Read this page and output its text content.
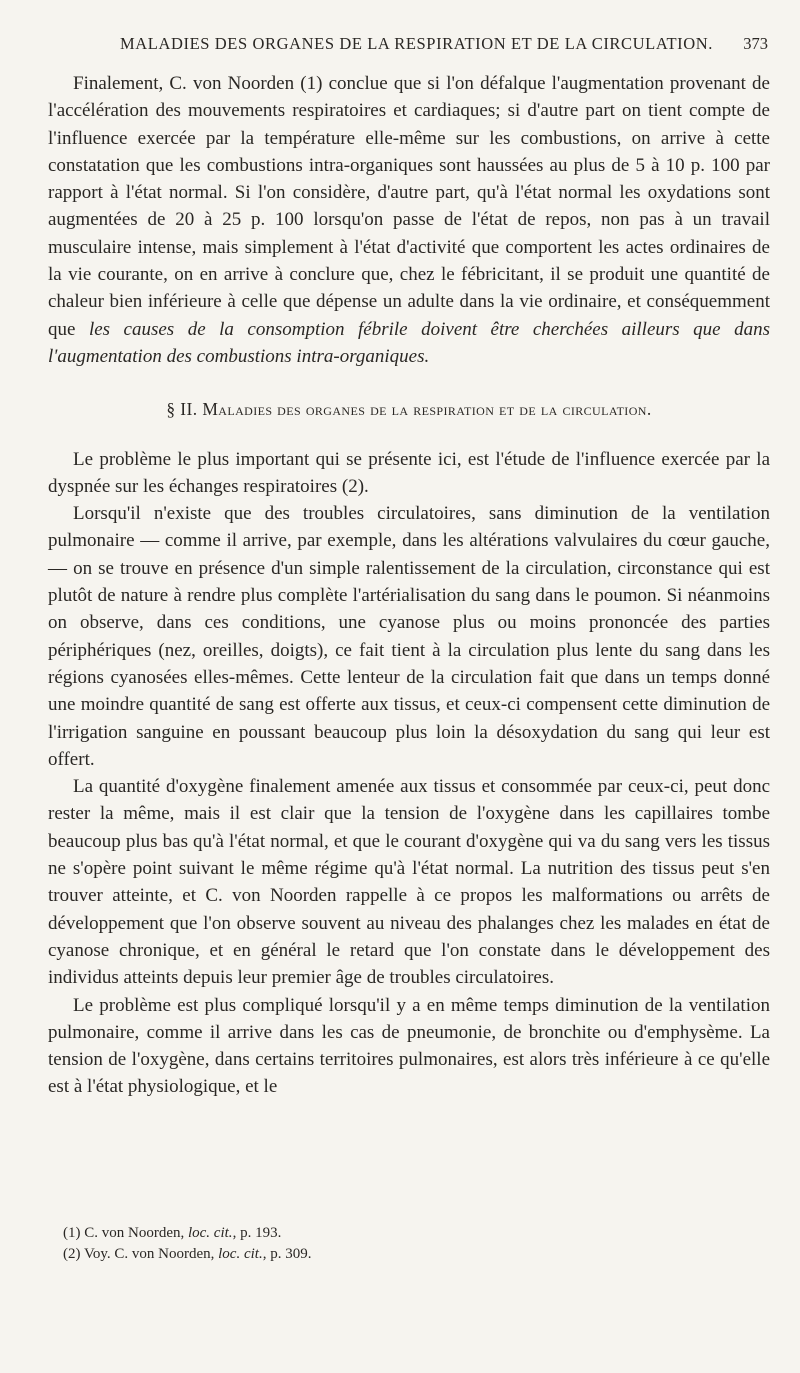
MALADIES DES ORGANES DE LA RESPIRATION ET DE LA CIRCULATION. 373

Finalement, C. von Noorden (1) conclue que si l'on défalque l'augmentation provenant de l'accélération des mouvements respiratoires et cardiaques; si d'autre part on tient compte de l'influence exercée par la température elle-même sur les combustions, on arrive à cette constatation que les combustions intra-organiques sont haussées au plus de 5 à 10 p. 100 par rapport à l'état normal. Si l'on considère, d'autre part, qu'à l'état normal les oxydations sont augmentées de 20 à 25 p. 100 lorsqu'on passe de l'état de repos, non pas à un travail musculaire intense, mais simplement à l'état d'activité que comportent les actes ordinaires de la vie courante, on en arrive à conclure que, chez le fébricitant, il se produit une quantité de chaleur bien inférieure à celle que dépense un adulte dans la vie ordinaire, et conséquemment que les causes de la consomption fébrile doivent être cherchées ailleurs que dans l'augmentation des combustions intra-organiques.

§ II. Maladies des organes de la respiration et de la circulation.

Le problème le plus important qui se présente ici, est l'étude de l'influence exercée par la dyspnée sur les échanges respiratoires (2).

Lorsqu'il n'existe que des troubles circulatoires, sans diminution de la ventilation pulmonaire — comme il arrive, par exemple, dans les altérations valvulaires du cœur gauche, — on se trouve en présence d'un simple ralentissement de la circulation, circonstance qui est plutôt de nature à rendre plus complète l'artérialisation du sang dans le poumon. Si néanmoins on observe, dans ces conditions, une cyanose plus ou moins prononcée des parties périphériques (nez, oreilles, doigts), ce fait tient à la circulation plus lente du sang dans les régions cyanosées elles-mêmes. Cette lenteur de la circulation fait que dans un temps donné une moindre quantité de sang est offerte aux tissus, et ceux-ci compensent cette diminution de l'irrigation sanguine en poussant beaucoup plus loin la désoxydation du sang qui leur est offert.

La quantité d'oxygène finalement amenée aux tissus et consommée par ceux-ci, peut donc rester la même, mais il est clair que la tension de l'oxygène dans les capillaires tombe beaucoup plus bas qu'à l'état normal, et que le courant d'oxygène qui va du sang vers les tissus ne s'opère point suivant le même régime qu'à l'état normal. La nutrition des tissus peut s'en trouver atteinte, et C. von Noorden rappelle à ce propos les malformations ou arrêts de développement que l'on observe souvent au niveau des phalanges chez les malades en état de cyanose chronique, et en général le retard que l'on constate dans le développement des individus atteints depuis leur premier âge de troubles circulatoires.

Le problème est plus compliqué lorsqu'il y a en même temps diminution de la ventilation pulmonaire, comme il arrive dans les cas de pneumonie, de bronchite ou d'emphysème. La tension de l'oxygène, dans certains territoires pulmonaires, est alors très inférieure à ce qu'elle est à l'état physiologique, et le

(1) C. von Noorden, loc. cit., p. 193.
(2) Voy. C. von Noorden, loc. cit., p. 309.
